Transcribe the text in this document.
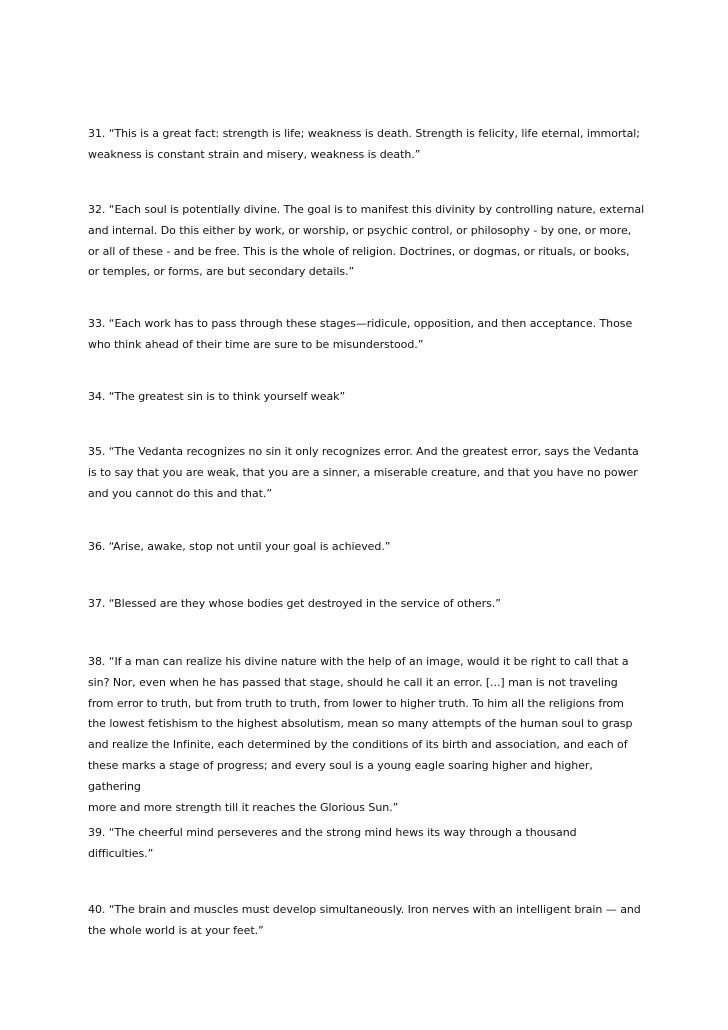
31. “This is a great fact: strength is life; weakness is death. Strength is felicity, life eternal, immortal;
weakness is constant strain and misery, weakness is death.”

32. “Each soul is potentially divine. The goal is to manifest this divinity by controlling nature, external
and internal. Do this either by work, or worship, or psychic control, or philosophy - by one, or more,
or all of these - and be free. This is the whole of religion. Doctrines, or dogmas, or rituals, or books,
or temples, or forms, are but secondary details.”

33. “Each work has to pass through these stages—ridicule, opposition, and then acceptance. Those
who think ahead of their time are sure to be misunderstood.”

34. “The greatest sin is to think yourself weak”

35. “The Vedanta recognizes no sin it only recognizes error. And the greatest error, says the Vedanta
is to say that you are weak, that you are a sinner, a miserable creature, and that you have no power
and you cannot do this and that.”

36. “Arise, awake, stop not until your goal is achieved.”

37. “Blessed are they whose bodies get destroyed in the service of others.”

38. “If a man can realize his divine nature with the help of an image, would it be right to call that a
sin? Nor, even when he has passed that stage, should he call it an error. [...] man is not traveling
from error to truth, but from truth to truth, from lower to higher truth. To him all the religions from
the lowest fetishism to the highest absolutism, mean so many attempts of the human soul to grasp
and realize the Infinite, each determined by the conditions of its birth and association, and each of
these marks a stage of progress; and every soul is a young eagle soaring higher and higher, gathering
more and more strength till it reaches the Glorious Sun.”

39. “The cheerful mind perseveres and the strong mind hews its way through a thousand
difficulties.”

40. “The brain and muscles must develop simultaneously. Iron nerves with an intelligent brain — and
the whole world is at your feet.”
